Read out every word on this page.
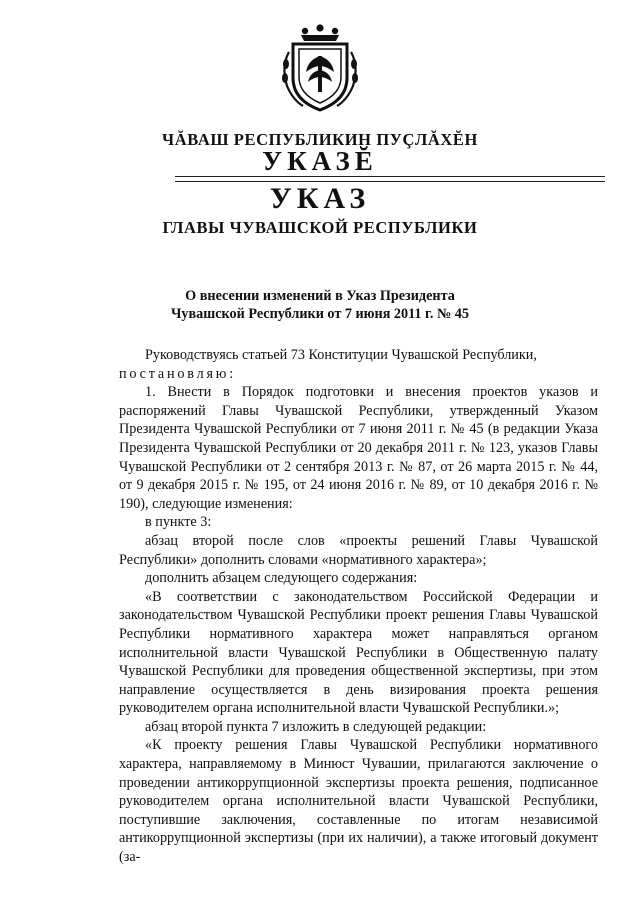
ЧĂВАШ РЕСПУБЛИКИН ПУÇЛĂХĔН
УКАЗĔ
УКАЗ
ГЛАВЫ ЧУВАШСКОЙ РЕСПУБЛИКИ
О внесении изменений в Указ Президента
Чувашской Республики от 7 июня 2011 г. № 45
Руководствуясь статьей 73 Конституции Чувашской Республики,
постановляю:
1. Внести в Порядок подготовки и внесения проектов указов и распоряжений Главы Чувашской Республики, утвержденный Указом Президента Чувашской Республики от 7 июня 2011 г. № 45 (в редакции Указа Президента Чувашской Республики от 20 декабря 2011 г. № 123, указов Главы Чувашской Республики от 2 сентября 2013 г. № 87, от 26 марта 2015 г. № 44, от 9 декабря 2015 г. № 195, от 24 июня 2016 г. № 89, от 10 декабря 2016 г. № 190), следующие изменения:
в пункте 3:
абзац второй после слов «проекты решений Главы Чувашской Республики» дополнить словами «нормативного характера»;
дополнить абзацем следующего содержания:
«В соответствии с законодательством Российской Федерации и законодательством Чувашской Республики проект решения Главы Чувашской Республики нормативного характера может направляться органом исполнительной власти Чувашской Республики в Общественную палату Чувашской Республики для проведения общественной экспертизы, при этом направление осуществляется в день визирования проекта решения руководителем органа исполнительной власти Чувашской Республики.»;
абзац второй пункта 7 изложить в следующей редакции:
«К проекту решения Главы Чувашской Республики нормативного характера, направляемому в Минюст Чувашии, прилагаются заключение о проведении антикоррупционной экспертизы проекта решения, подписанное руководителем органа исполнительной власти Чувашской Республики, поступившие заключения, составленные по итогам независимой антикоррупционной экспертизы (при их наличии), а также итоговый документ (за-
